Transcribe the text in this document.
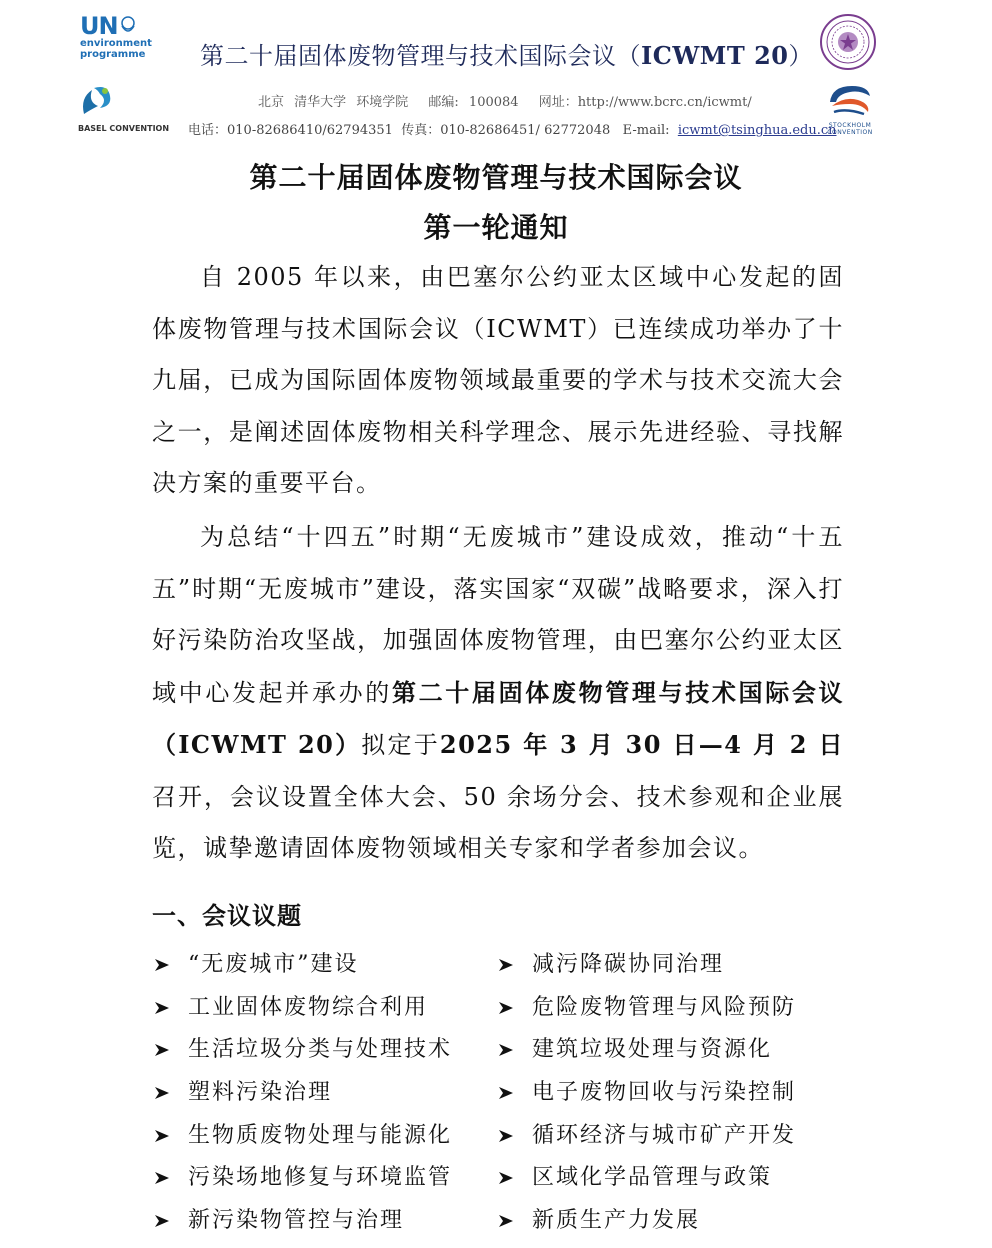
UN
environment
programme
BASEL CONVENTION	STOCKHOLM
CONVENTION
第二十届固体废物管理与技术国际会议（ICWMT 20）
北京 清华大学 环境学院 邮编: 100084 网址：http://www.bcrc.cn/icwmt/
电话：010-82686410/62794351 传真：010-82686451/ 62772048 E-mail: icwmt@tsinghua.edu.cn
第二十届固体废物管理与技术国际会议
第一轮通知
自 2005 年以来，由巴塞尔公约亚太区域中心发起的固体废物管理与技术国际会议（ICWMT）已连续成功举办了十九届，已成为国际固体废物领域最重要的学术与技术交流大会之一，是阐述固体废物相关科学理念、展示先进经验、寻找解决方案的重要平台。
为总结“十四五”时期“无废城市”建设成效，推动“十五五”时期“无废城市”建设，落实国家“双碳”战略要求，深入打好污染防治攻坚战，加强固体废物管理，由巴塞尔公约亚太区域中心发起并承办的第二十届固体废物管理与技术国际会议（ICWMT 20）拟定于2025 年 3 月 30 日—4 月 2 日召开，会议设置全体大会、50 余场分会、技术参观和企业展览，诚挚邀请固体废物领域相关专家和学者参加会议。
一、会议议题
“无废城市”建设
工业固体废物综合利用
生活垃圾分类与处理技术
塑料污染治理
生物质废物处理与能源化
污染场地修复与环境监管
新污染物管控与治理
减污降碳协同治理
危险废物管理与风险预防
建筑垃圾处理与资源化
电子废物回收与污染控制
循环经济与城市矿产开发
区域化学品管理与政策
新质生产力发展
